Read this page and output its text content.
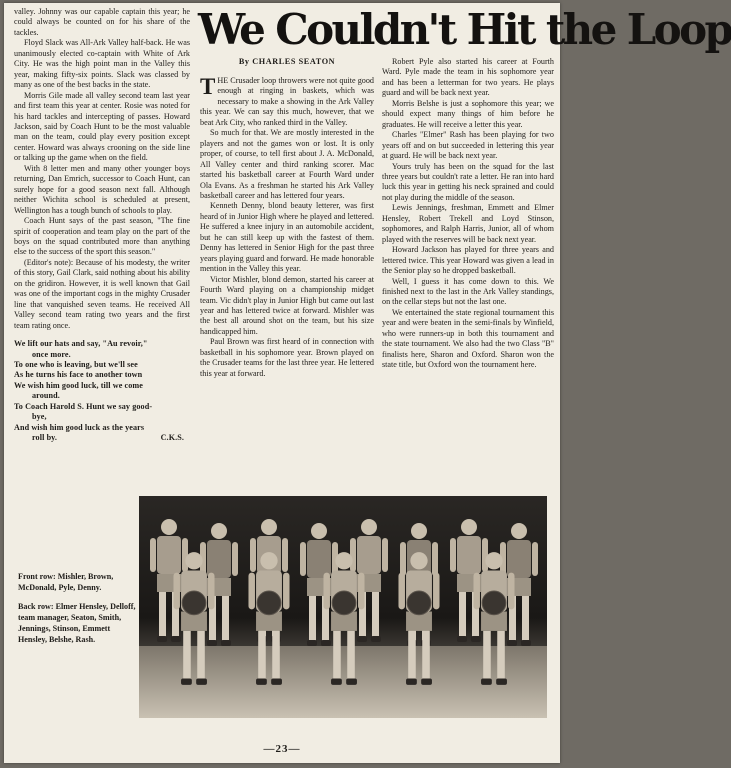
valley. Johnny was our capable captain this year; he could always be counted on for his share of the tackles.

Floyd Slack was All-Ark Valley half-back. He was unanimously elected co-captain with White of Ark City. He was the high point man in the Valley this year, making fifty-six points. Slack was classed by many as one of the best backs in the state.

Morris Gile made all valley second team last year and first team this year at center. Rosie was noted for his hard tackles and intercepting of passes. Howard Jackson, said by Coach Hunt to be the most valuable man on the team, could play every position except center. Howard was always crooning on the side line or talking up the game when on the field.

With 8 letter men and many other younger boys returning, Dan Emrich, successor to Coach Hunt, can surely hope for a good season next fall. Although neither Wichita school is scheduled at present, Wellington has a tough bunch of schools to play.

Coach Hunt says of the past season, "The fine spirit of cooperation and team play on the part of the boys on the squad contributed more than anything else to the success of the sport this season."

(Editor's note): Because of his modesty, the writer of this story, Gail Clark, said nothing about his ability on the gridiron. However, it is well known that Gail was one of the important cogs in the mighty Crusader line that vanquished seven teams. He received All Valley second team rating two years and the first team rating once.

We lift our hats and say, "Au revoir,"
once more.
To one who is leaving, but we'll see
As he turns his face to another town
We wish him good luck, till we come
around.
To Coach Harold S. Hunt we say good-
bye,
And wish him good luck as the years
roll by.	C.K.S.
We Couldn't Hit the Loop
By CHARLES SEATON

THE Crusader loop throwers were not quite good enough at ringing in baskets, which was necessary to make a showing in the Ark Valley this year. We can say this much, however, that we beat Ark City, who ranked third in the Valley.

So much for that. We are mostly interested in the players and not the games won or lost. It is only proper, of course, to tell first about J. A. McDonald, All Valley center and third ranking scorer. Mac started his basketball career at Fourth Ward under Ola Evans. As a freshman he started his Ark Valley basketball career and has lettered four years.

Kenneth Denny, blond beauty letterer, was first heard of in Junior High where he played and lettered. He suffered a knee injury in an automobile accident, but he can still keep up with the fastest of them. Denny has lettered in Senior High for the past three years playing guard and forward. He made honorable mention in the Valley this year.

Victor Mishler, blond demon, started his career at Fourth Ward playing on a championship midget team. Vic didn't play in Junior High but came out last year and has lettered twice at forward. Mishler was the best all around shot on the team, but his size handicapped him.

Paul Brown was first heard of in connection with basketball in his sophomore year. Brown played on the Crusader teams for the last three year. He lettered this year at forward.

Robert Pyle also started his career at Fourth Ward. Pyle made the team in his sophomore year and has been a letterman for two years. He plays guard and will be back next year.

Morris Belshe is just a sophomore this year; we should expect many things of him before he graduates. He will receive a letter this year.

Charles "Elmer" Rash has been playing for two years off and on but succeeded in lettering this year at guard. He will be back next year.

Yours truly has been on the squad for the last three years but couldn't rate a letter. He ran into hard luck this year in getting his neck sprained and could not play during the middle of the season.

Lewis Jennings, freshman, Emmett and Elmer Hensley, Robert Trekell and Loyd Stinson, sophomores, and Ralph Harris, Junior, all of whom played with the reserves will be back next year.

Howard Jackson has played for three years and lettered twice. This year Howard was given a lead in the Senior play so he dropped basketball.

Well, I guess it has come down to this. We finished next to the last in the Ark Valley standings, on the cellar steps but not the last one.

We entertained the state regional tournament this year and were beaten in the semi-finals by Winfield, who were runners-up in both this tournament and the state tournament. We also had the two Class "B" finalists here, Sharon and Oxford. Sharon won the state title, but Oxford won the tournament here.

Front row: Mishler, Brown, McDonald, Pyle, Denny.

Back row: Elmer Hensley, Delloff, team manager, Seaton, Smith, Jennings, Stinson, Emmett Hensley, Belshe, Rash.

—23—
